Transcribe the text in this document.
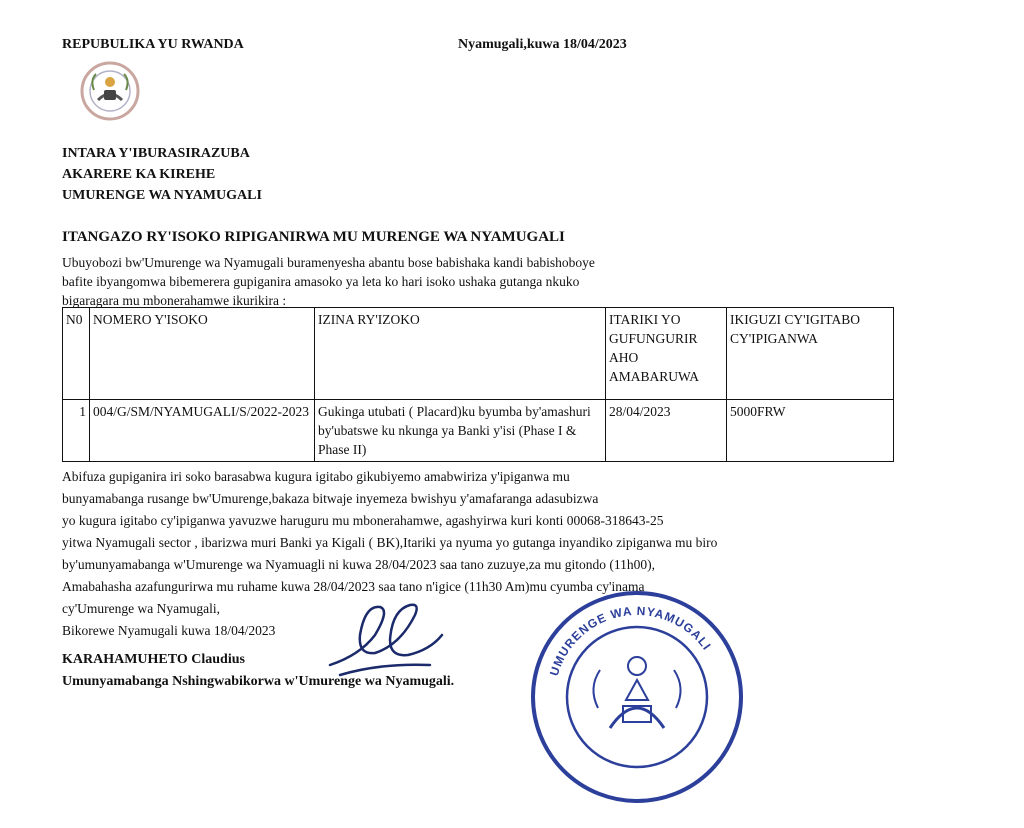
REPUBULIKA YU RWANDA	Nyamugali,kuwa 18/04/2023
INTARA Y'IBURASIRAZUBA
AKARERE KA KIREHE
UMURENGE WA NYAMUGALI
ITANGAZO RY'ISOKO RIPIGANIRWA MU MURENGE WA NYAMUGALI
Ubuyobozi bw'Umurenge wa Nyamugali buramenyesha abantu bose babishaka kandi babishoboye
bafite ibyangomwa bibemerera gupiganira amasoko ya leta ko hari isoko ushaka gutanga nkuko
bigaragara mu mbonerahamwe ikurikira :
N0	NOMERO Y'ISOKO	IZINA RY'IZOKO	ITARIKI YO GUFUNGURIR AHO AMABARUWA	IKIGUZI CY'IGITABO CY'IPIGANWA
1	004/G/SM/NYAMUGALI/S/2022-2023	Gukinga utubati ( Placard)ku byumba by'amashuri by'ubatswe ku nkunga ya Banki y'isi (Phase I & Phase II)	28/04/2023	5000FRW
Abifuza gupiganira iri soko barasabwa kugura igitabo gikubiyemo amabwiriza y'ipiganwa mu
bunyamabanga rusange bw'Umurenge,bakaza bitwaje inyemeza bwishyu y'amafaranga adasubizwa
yo kugura igitabo cy'ipiganwa yavuzwe haruguru mu mbonerahamwe, agashyirwa kuri konti 00068-318643-25
yitwa Nyamugali sector , ibarizwa muri Banki ya Kigali ( BK),Itariki ya nyuma yo gutanga inyandiko zipiganwa mu biro
by'umunyamabanga w'Umurenge wa Nyamuagli ni kuwa 28/04/2023 saa tano zuzuye,za mu gitondo (11h00),
Amabahasha azafungurirwa mu ruhame kuwa 28/04/2023 saa tano n'igice (11h30 Am)mu cyumba cy'inama
cy'Umurenge wa Nyamugali,
Bikorewe Nyamugali kuwa 18/04/2023
KARAHAMUHETO Claudius
Umunyamabanga Nshingwabikorwa w'Umurenge wa Nyamugali.
UMURENGE WA NYAMUGALI
